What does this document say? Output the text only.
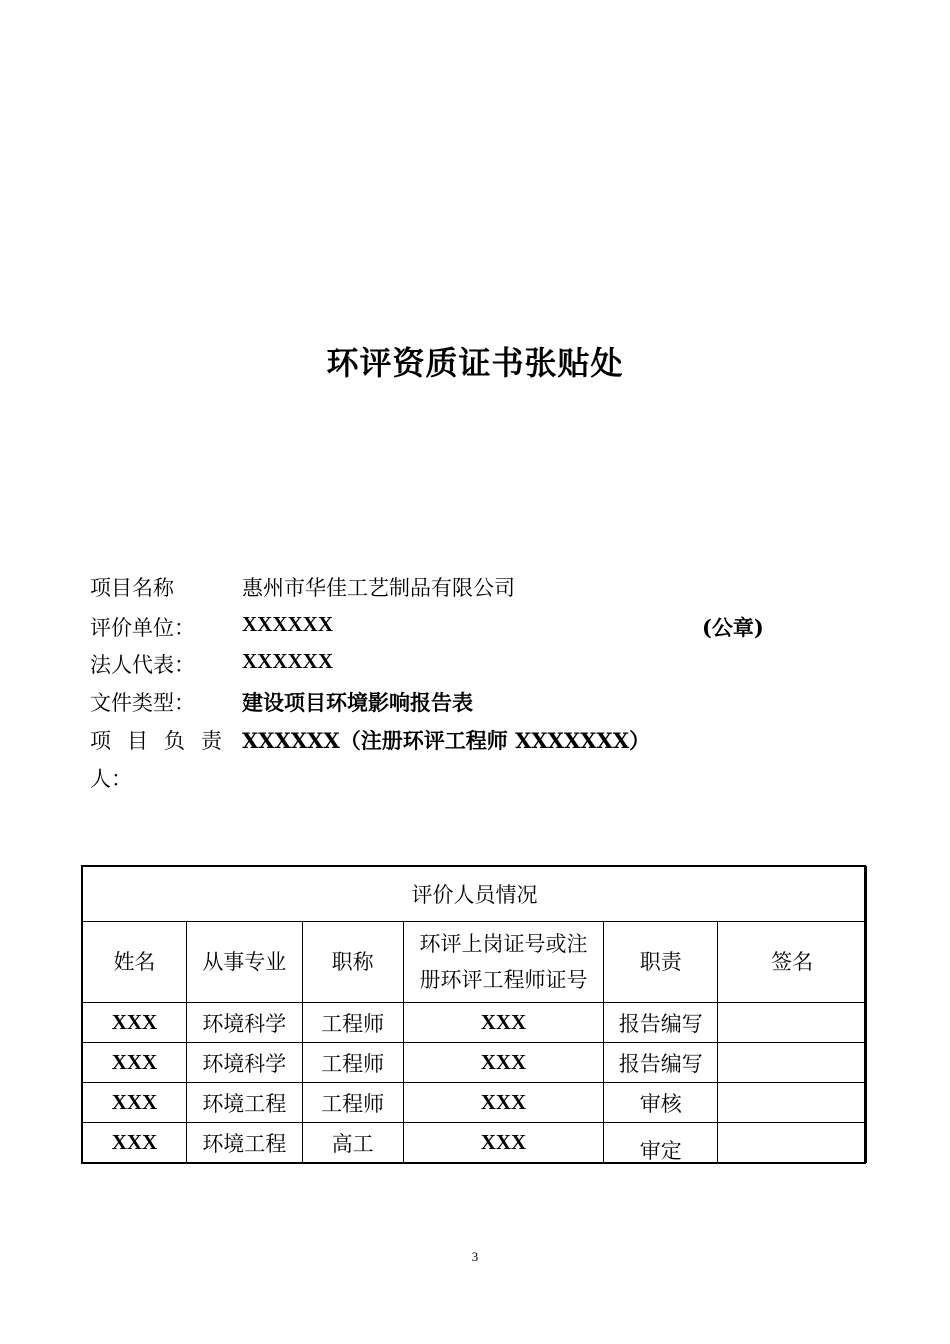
环评资质证书张贴处
项目名称	惠州市华佳工艺制品有限公司
评价单位： XXXXXX	(公章)
法人代表： XXXXXX
文件类型： 建设项目环境影响报告表
项 目 负 责 XXXXXX（注册环评工程师 XXXXXXX）
人：
评价人员情况					
姓名	从事专业	职称	环评上岗证号或注
册环评工程师证号	职责	签名
XXX	环境科学	工程师	XXX	报告编写	
XXX	环境科学	工程师	XXX	报告编写	
XXX	环境工程	工程师	XXX	审核	
XXX	环境工程	高工	XXX	审定	
3
